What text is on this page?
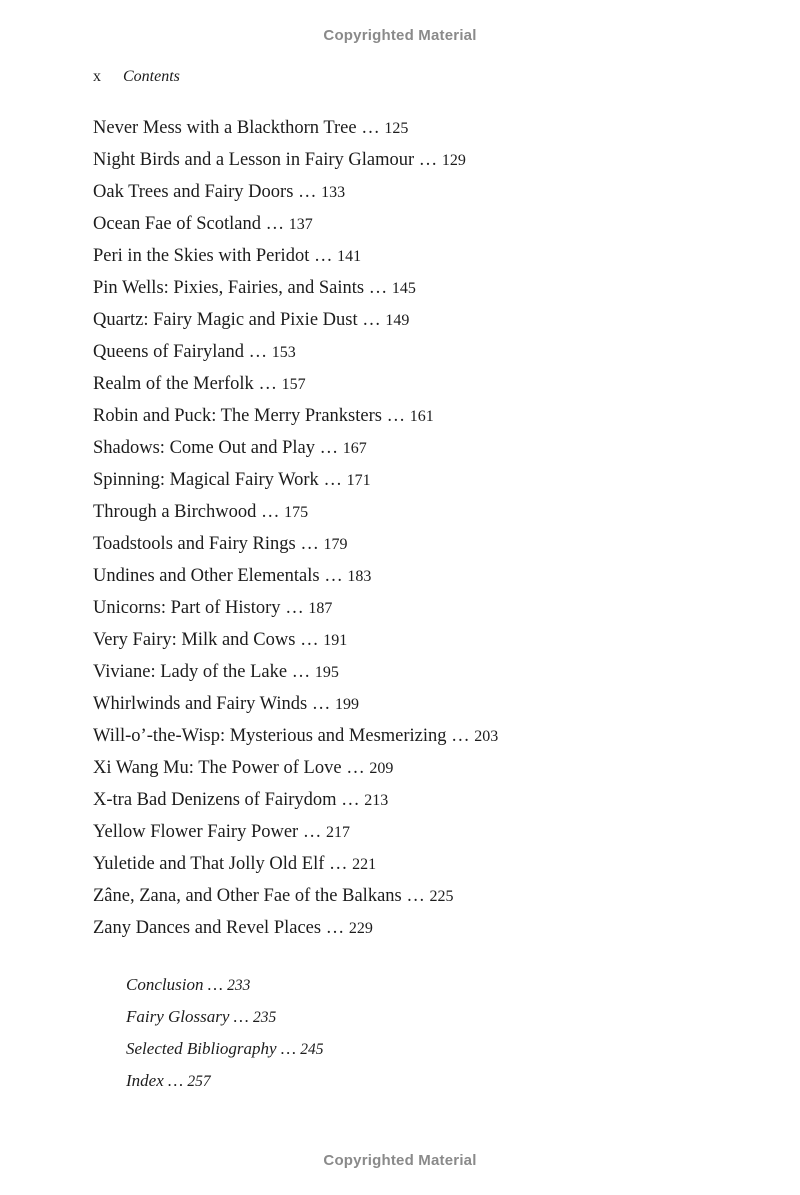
Copyrighted Material
x Contents
Never Mess with a Blackthorn Tree … 125
Night Birds and a Lesson in Fairy Glamour … 129
Oak Trees and Fairy Doors … 133
Ocean Fae of Scotland … 137
Peri in the Skies with Peridot … 141
Pin Wells: Pixies, Fairies, and Saints … 145
Quartz: Fairy Magic and Pixie Dust … 149
Queens of Fairyland … 153
Realm of the Merfolk … 157
Robin and Puck: The Merry Pranksters … 161
Shadows: Come Out and Play … 167
Spinning: Magical Fairy Work … 171
Through a Birchwood … 175
Toadstools and Fairy Rings … 179
Undines and Other Elementals … 183
Unicorns: Part of History … 187
Very Fairy: Milk and Cows … 191
Viviane: Lady of the Lake … 195
Whirlwinds and Fairy Winds … 199
Will-o’-the-Wisp: Mysterious and Mesmerizing … 203
Xi Wang Mu: The Power of Love … 209
X-tra Bad Denizens of Fairydom … 213
Yellow Flower Fairy Power … 217
Yuletide and That Jolly Old Elf … 221
Zâne, Zana, and Other Fae of the Balkans … 225
Zany Dances and Revel Places … 229
Conclusion … 233
Fairy Glossary … 235
Selected Bibliography … 245
Index … 257
Copyrighted Material
